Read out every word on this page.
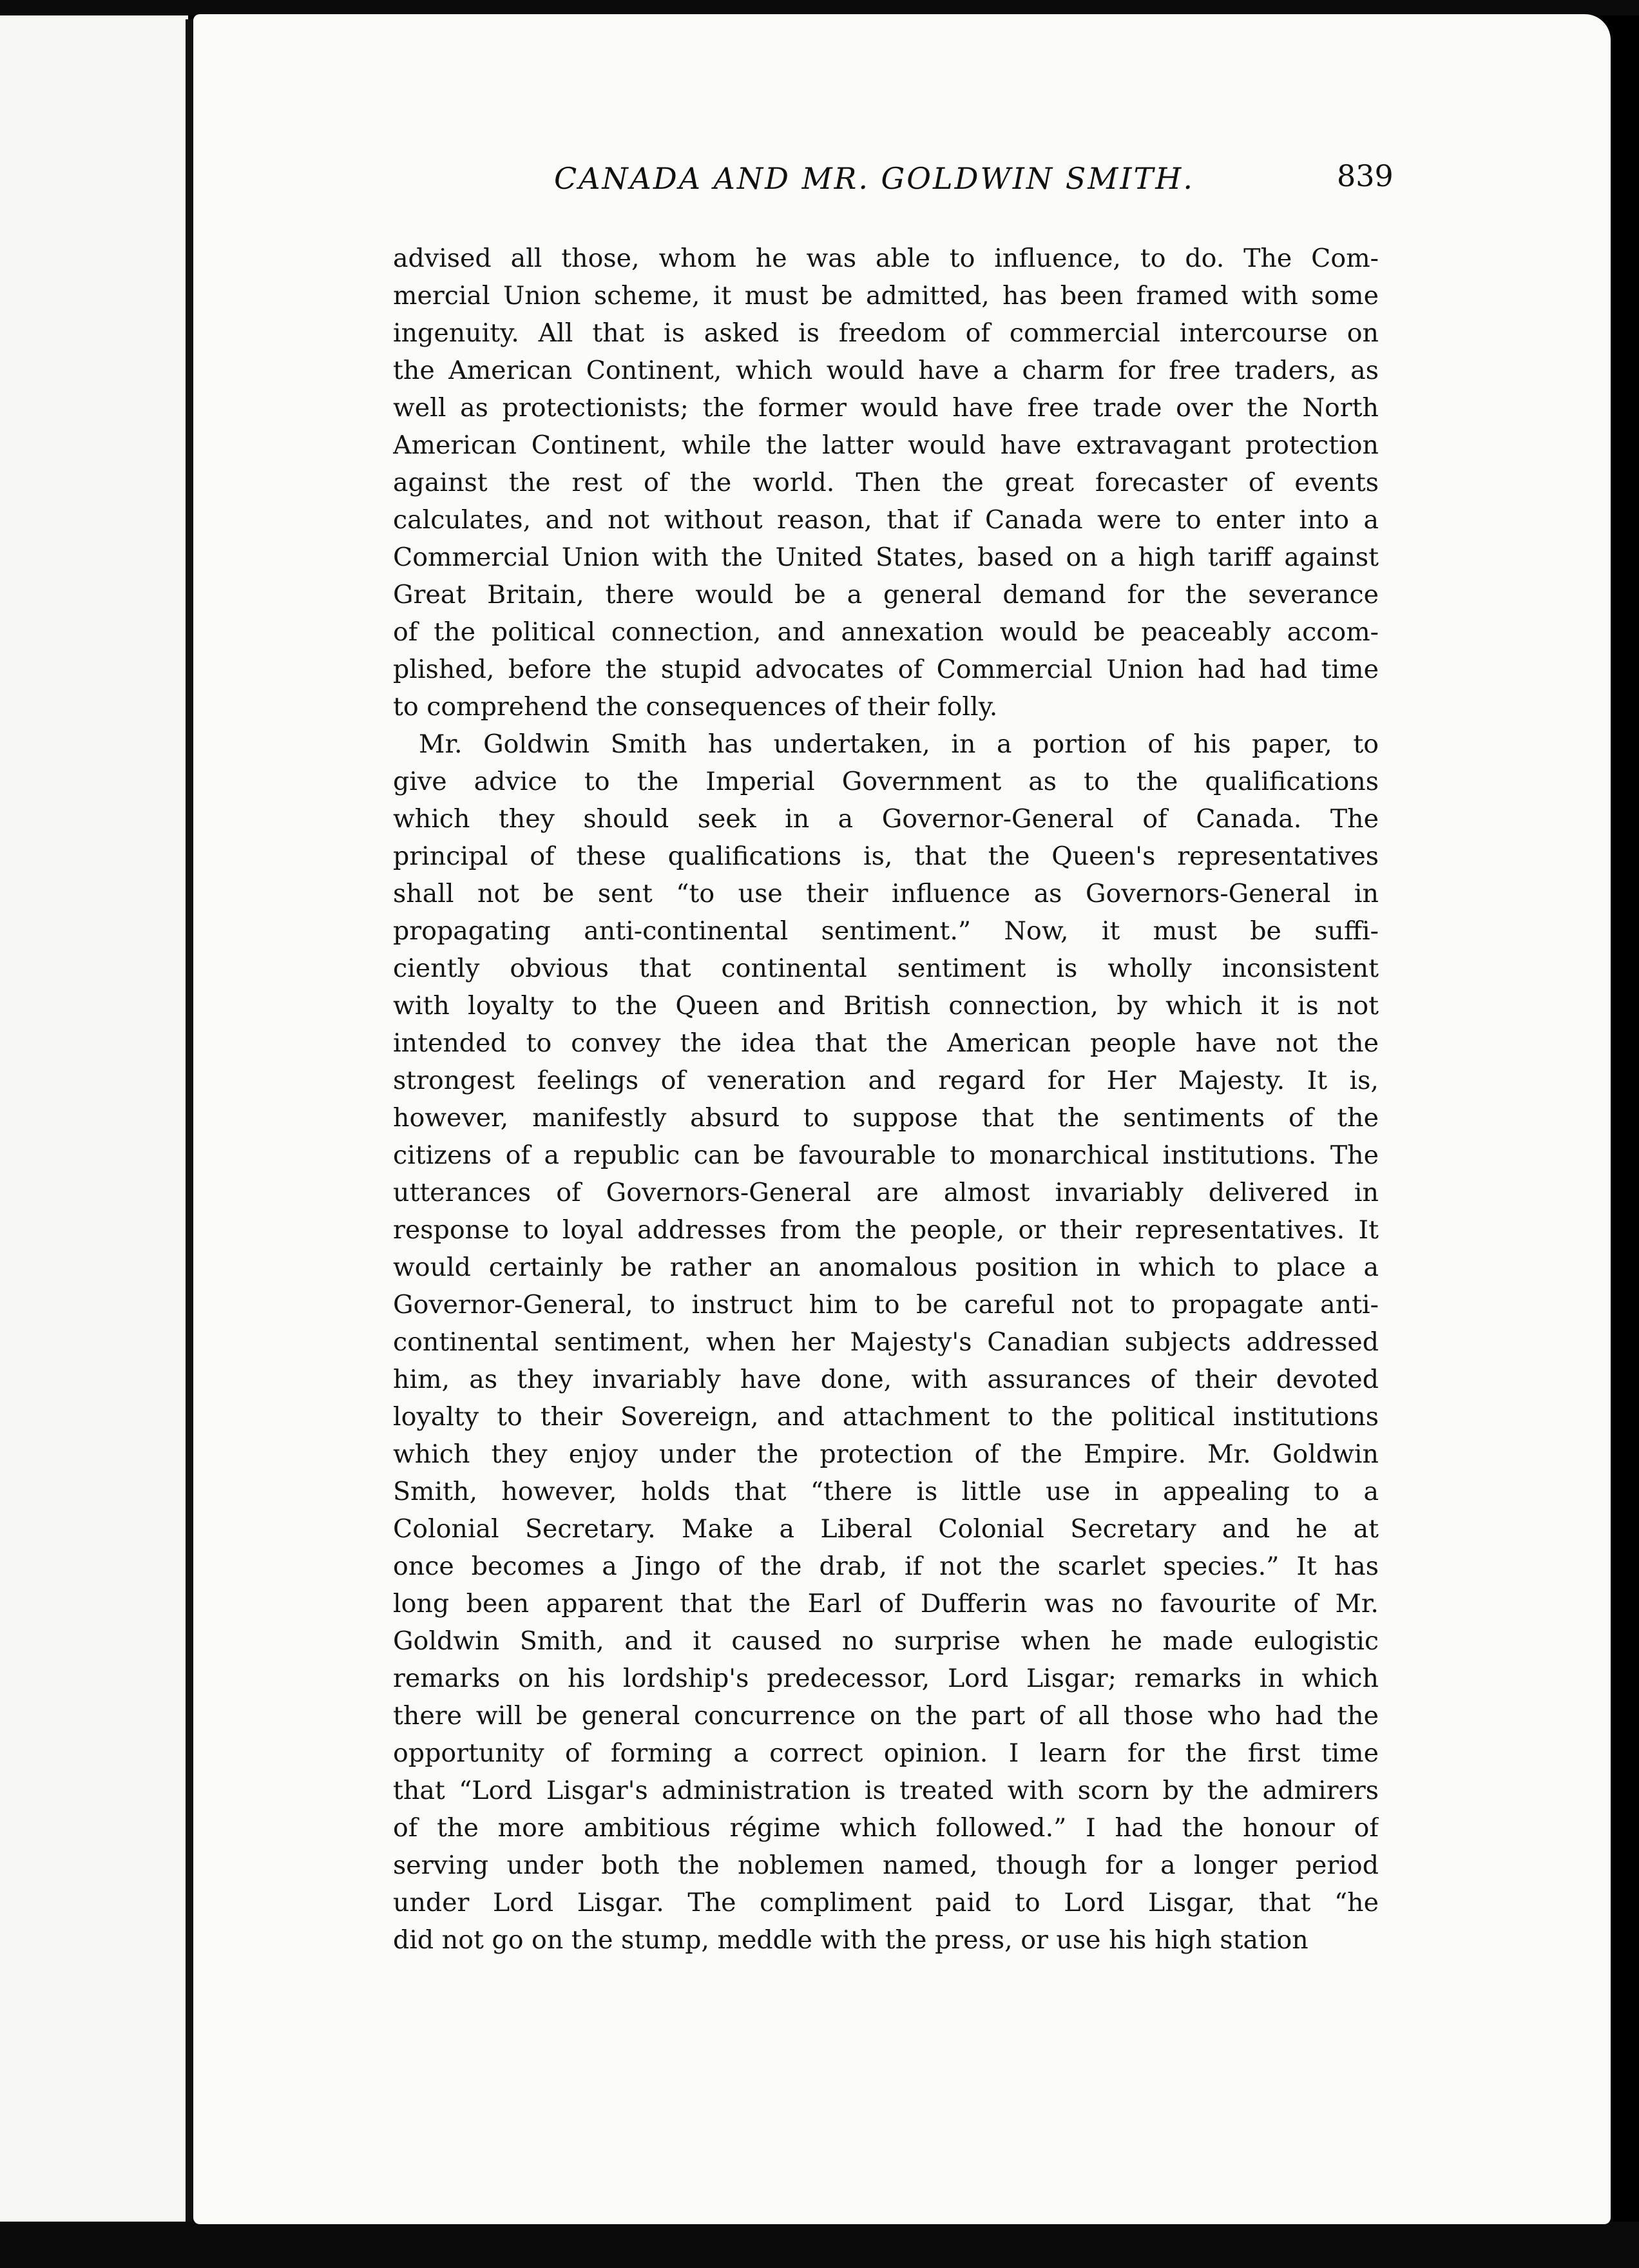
CANADA AND MR. GOLDWIN SMITH.	839
advised all those, whom he was able to influence, to do. The Com-
mercial Union scheme, it must be admitted, has been framed with some
ingenuity. All that is asked is freedom of commercial intercourse on
the American Continent, which would have a charm for free traders, as
well as protectionists; the former would have free trade over the North
American Continent, while the latter would have extravagant protection
against the rest of the world. Then the great forecaster of events
calculates, and not without reason, that if Canada were to enter into a
Commercial Union with the United States, based on a high tariff against
Great Britain, there would be a general demand for the severance
of the political connection, and annexation would be peaceably accom-
plished, before the stupid advocates of Commercial Union had had time
to comprehend the consequences of their folly.
Mr. Goldwin Smith has undertaken, in a portion of his paper, to
give advice to the Imperial Government as to the qualifications
which they should seek in a Governor-General of Canada. The
principal of these qualifications is, that the Queen's representatives
shall not be sent “to use their influence as Governors-General in
propagating anti-continental sentiment.” Now, it must be suffi-
ciently obvious that continental sentiment is wholly inconsistent
with loyalty to the Queen and British connection, by which it is not
intended to convey the idea that the American people have not the
strongest feelings of veneration and regard for Her Majesty. It is,
however, manifestly absurd to suppose that the sentiments of the
citizens of a republic can be favourable to monarchical institutions. The
utterances of Governors-General are almost invariably delivered in
response to loyal addresses from the people, or their representatives. It
would certainly be rather an anomalous position in which to place a
Governor-General, to instruct him to be careful not to propagate anti-
continental sentiment, when her Majesty's Canadian subjects addressed
him, as they invariably have done, with assurances of their devoted
loyalty to their Sovereign, and attachment to the political institutions
which they enjoy under the protection of the Empire. Mr. Goldwin
Smith, however, holds that “there is little use in appealing to a
Colonial Secretary. Make a Liberal Colonial Secretary and he at
once becomes a Jingo of the drab, if not the scarlet species.” It has
long been apparent that the Earl of Dufferin was no favourite of Mr.
Goldwin Smith, and it caused no surprise when he made eulogistic
remarks on his lordship's predecessor, Lord Lisgar; remarks in which
there will be general concurrence on the part of all those who had the
opportunity of forming a correct opinion. I learn for the first time
that “Lord Lisgar's administration is treated with scorn by the admirers
of the more ambitious régime which followed.” I had the honour of
serving under both the noblemen named, though for a longer period
under Lord Lisgar. The compliment paid to Lord Lisgar, that “he
did not go on the stump, meddle with the press, or use his high station
